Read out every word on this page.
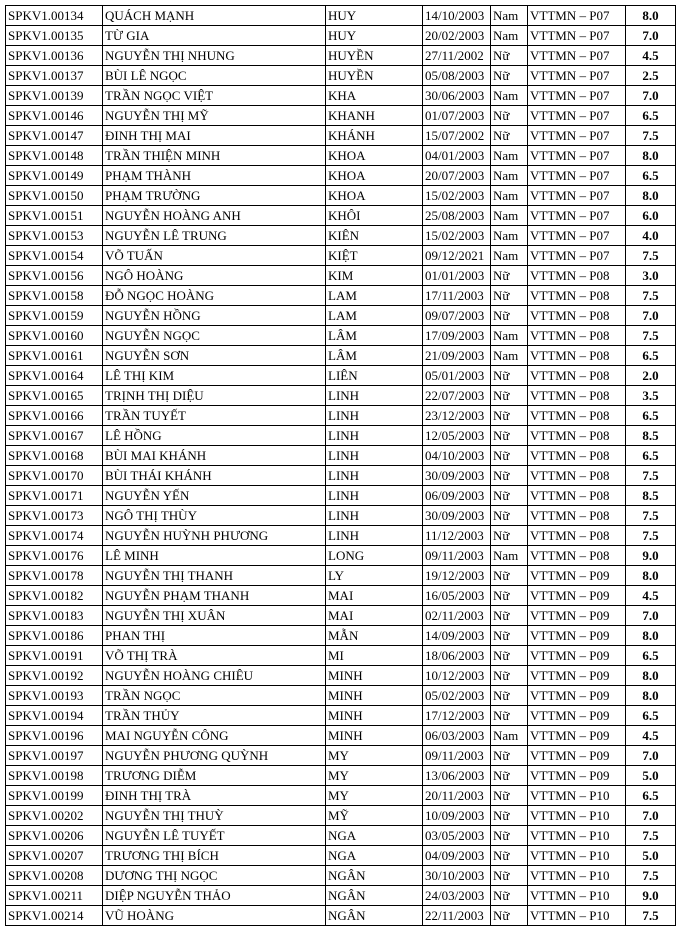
SPKV1.00134	QUÁCH MẠNH	HUY	14/10/2003	Nam	VTTMN – P07	8.0
SPKV1.00135	TỪ GIA	HUY	20/02/2003	Nam	VTTMN – P07	7.0
SPKV1.00136	NGUYỄN THỊ NHUNG	HUYỀN	27/11/2002	Nữ	VTTMN – P07	4.5
SPKV1.00137	BÙI LÊ NGỌC	HUYỀN	05/08/2003	Nữ	VTTMN – P07	2.5
SPKV1.00139	TRẦN NGỌC VIỆT	KHA	30/06/2003	Nam	VTTMN – P07	7.0
SPKV1.00146	NGUYỄN THỊ MỸ	KHANH	01/07/2003	Nữ	VTTMN – P07	6.5
SPKV1.00147	ĐINH THỊ MAI	KHÁNH	15/07/2002	Nữ	VTTMN – P07	7.5
SPKV1.00148	TRẦN THIỆN MINH	KHOA	04/01/2003	Nam	VTTMN – P07	8.0
SPKV1.00149	PHẠM THÀNH	KHOA	20/07/2003	Nam	VTTMN – P07	6.5
SPKV1.00150	PHẠM TRƯỜNG	KHOA	15/02/2003	Nam	VTTMN – P07	8.0
SPKV1.00151	NGUYỄN HOÀNG ANH	KHÔI	25/08/2003	Nam	VTTMN – P07	6.0
SPKV1.00153	NGUYỄN LÊ TRUNG	KIÊN	15/02/2003	Nam	VTTMN – P07	4.0
SPKV1.00154	VÕ TUẤN	KIỆT	09/12/2021	Nam	VTTMN – P07	7.5
SPKV1.00156	NGÔ HOÀNG	KIM	01/01/2003	Nữ	VTTMN – P08	3.0
SPKV1.00158	ĐỖ NGỌC HOÀNG	LAM	17/11/2003	Nữ	VTTMN – P08	7.5
SPKV1.00159	NGUYỄN HỒNG	LAM	09/07/2003	Nữ	VTTMN – P08	7.0
SPKV1.00160	NGUYỄN NGỌC	LÂM	17/09/2003	Nam	VTTMN – P08	7.5
SPKV1.00161	NGUYỄN SƠN	LÂM	21/09/2003	Nam	VTTMN – P08	6.5
SPKV1.00164	LÊ THỊ KIM	LIÊN	05/01/2003	Nữ	VTTMN – P08	2.0
SPKV1.00165	TRỊNH THỊ DIỆU	LINH	22/07/2003	Nữ	VTTMN – P08	3.5
SPKV1.00166	TRẦN TUYẾT	LINH	23/12/2003	Nữ	VTTMN – P08	6.5
SPKV1.00167	LÊ HỒNG	LINH	12/05/2003	Nữ	VTTMN – P08	8.5
SPKV1.00168	BÙI MAI KHÁNH	LINH	04/10/2003	Nữ	VTTMN – P08	6.5
SPKV1.00170	BÙI THÁI KHÁNH	LINH	30/09/2003	Nữ	VTTMN – P08	7.5
SPKV1.00171	NGUYỄN YẾN	LINH	06/09/2003	Nữ	VTTMN – P08	8.5
SPKV1.00173	NGÔ THỊ THÙY	LINH	30/09/2003	Nữ	VTTMN – P08	7.5
SPKV1.00174	NGUYỄN HUỲNH PHƯƠNG	LINH	11/12/2003	Nữ	VTTMN – P08	7.5
SPKV1.00176	LÊ MINH	LONG	09/11/2003	Nam	VTTMN – P08	9.0
SPKV1.00178	NGUYỄN THỊ THANH	LY	19/12/2003	Nữ	VTTMN – P09	8.0
SPKV1.00182	NGUYỄN PHẠM THANH	MAI	16/05/2003	Nữ	VTTMN – P09	4.5
SPKV1.00183	NGUYỄN THỊ XUÂN	MAI	02/11/2003	Nữ	VTTMN – P09	7.0
SPKV1.00186	PHAN THỊ	MẪN	14/09/2003	Nữ	VTTMN – P09	8.0
SPKV1.00191	VÕ THỊ TRÀ	MI	18/06/2003	Nữ	VTTMN – P09	6.5
SPKV1.00192	NGUYỄN HOÀNG CHIÊU	MINH	10/12/2003	Nữ	VTTMN – P09	8.0
SPKV1.00193	TRẦN NGỌC	MINH	05/02/2003	Nữ	VTTMN – P09	8.0
SPKV1.00194	TRẦN THỦY	MINH	17/12/2003	Nữ	VTTMN – P09	6.5
SPKV1.00196	MAI NGUYỄN CÔNG	MINH	06/03/2003	Nam	VTTMN – P09	4.5
SPKV1.00197	NGUYỄN PHƯƠNG QUỲNH	MY	09/11/2003	Nữ	VTTMN – P09	7.0
SPKV1.00198	TRƯƠNG DIỄM	MY	13/06/2003	Nữ	VTTMN – P09	5.0
SPKV1.00199	ĐINH THỊ TRÀ	MY	20/11/2003	Nữ	VTTMN – P10	6.5
SPKV1.00202	NGUYỄN THỊ THUỲ	MỸ	10/09/2003	Nữ	VTTMN – P10	7.0
SPKV1.00206	NGUYỄN LÊ TUYẾT	NGA	03/05/2003	Nữ	VTTMN – P10	7.5
SPKV1.00207	TRƯƠNG THỊ BÍCH	NGA	04/09/2003	Nữ	VTTMN – P10	5.0
SPKV1.00208	DƯƠNG THỊ NGỌC	NGÂN	30/10/2003	Nữ	VTTMN – P10	7.5
SPKV1.00211	DIỆP NGUYỄN THẢO	NGÂN	24/03/2003	Nữ	VTTMN – P10	9.0
SPKV1.00214	VŨ HOÀNG	NGÂN	22/11/2003	Nữ	VTTMN – P10	7.5
